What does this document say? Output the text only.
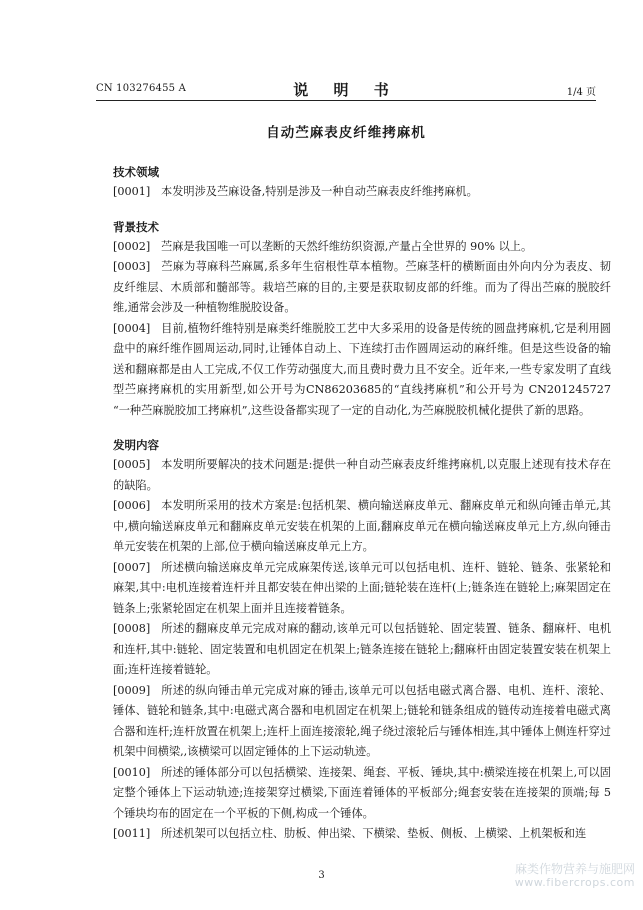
CN 103276455 A	说 明 书	1/4 页
自动苎麻表皮纤维拷麻机
技术领域
[0001] 本发明涉及苎麻设备,特别是涉及一种自动苎麻表皮纤维拷麻机。
背景技术
[0002] 苎麻是我国唯一可以垄断的天然纤维纺织资源,产量占全世界的 90% 以上。
[0003] 苎麻为荨麻科苎麻属,系多年生宿根性草本植物。苎麻茎杆的横断面由外向内分为表皮、韧皮纤维层、木质部和髓部等。栽培苎麻的目的,主要是获取韧皮部的纤维。而为了得出苎麻的脱胶纤维,通常会涉及一种植物维脱胶设备。
[0004] 目前,植物纤维特别是麻类纤维脱胶工艺中大多采用的设备是传统的圆盘拷麻机,它是利用圆盘中的麻纤维作圆周运动,同时,让锤体自动上、下连续打击作圆周运动的麻纤维。但是这些设备的输送和翻麻都是由人工完成,不仅工作劳动强度大,而且费时费力且不安全。近年来,一些专家发明了直线型苎麻拷麻机的实用新型,如公开号为CN86203685的“直线拷麻机”和公开号为 CN201245727 “一种苎麻脱胶加工拷麻机”,这些设备都实现了一定的自动化,为苎麻脱胶机械化提供了新的思路。
发明内容
[0005] 本发明所要解决的技术问题是:提供一种自动苎麻表皮纤维拷麻机,以克服上述现有技术存在的缺陷。
[0006] 本发明所采用的技术方案是:包括机架、横向输送麻皮单元、翻麻皮单元和纵向锤击单元,其中,横向输送麻皮单元和翻麻皮单元安装在机架的上面,翻麻皮单元在横向输送麻皮单元上方,纵向锤击单元安装在机架的上部,位于横向输送麻皮单元上方。
[0007] 所述横向输送麻皮单元完成麻架传送,该单元可以包括电机、连杆、链轮、链条、张紧轮和麻架,其中:电机连接着连杆并且都安装在伸出梁的上面;链轮装在连杆(上;链条连在链轮上;麻架固定在链条上;张紧轮固定在机架上面并且连接着链条。
[0008] 所述的翻麻皮单元完成对麻的翻动,该单元可以包括链轮、固定装置、链条、翻麻杆、电机和连杆,其中:链轮、固定装置和电机固定在机架上;链条连接在链轮上;翻麻杆由固定装置安装在机架上面;连杆连接着链轮。
[0009] 所述的纵向锤击单元完成对麻的锤击,该单元可以包括电磁式离合器、电机、连杆、滚轮、锤体、链轮和链条,其中:电磁式离合器和电机固定在机架上;链轮和链条组成的链传动连接着电磁式离合器和连杆;连杆放置在机架上;连杆上面连接滚轮,绳子绕过滚轮后与锤体相连,其中锤体上侧连杆穿过机架中间横梁,,该横梁可以固定锤体的上下运动轨迹。
[0010] 所述的锤体部分可以包括横梁、连接架、绳套、平板、锤块,其中:横梁连接在机架上,可以固定整个锤体上下运动轨迹;连接架穿过横梁,下面连着锤体的平板部分;绳套安装在连接架的顶端;每 5 个锤块均布的固定在一个平板的下侧,构成一个锤体。
[0011] 所述机架可以包括立柱、肋板、伸出梁、下横梁、垫板、侧板、上横梁、上机架板和连
3	麻类作物营养与施肥网
www.fibercrops.com
